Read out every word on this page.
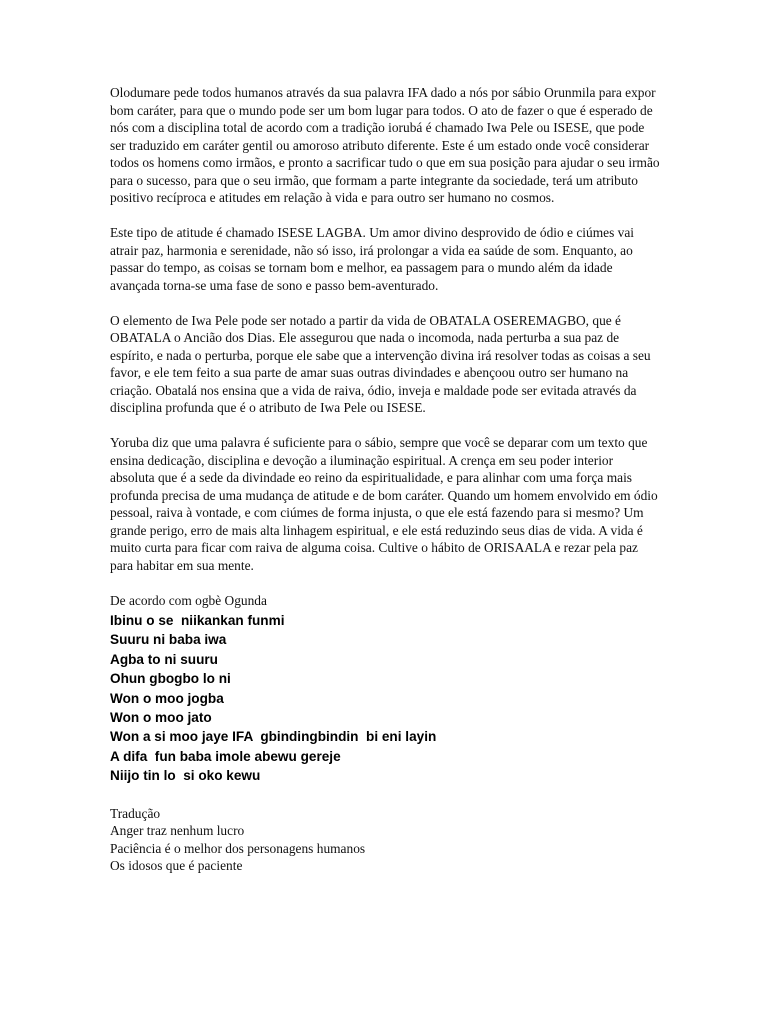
Olodumare pede todos humanos através da sua palavra IFA dado a nós por sábio Orunmila para expor bom caráter, para que o mundo pode ser um bom lugar para todos. O ato de fazer o que é esperado de nós com a disciplina total de acordo com a tradição iorubá é chamado Iwa Pele ou ISESE, que pode ser traduzido em caráter gentil ou amoroso atributo diferente. Este é um estado onde você considerar todos os homens como irmãos, e pronto a sacrificar tudo o que em sua posição para ajudar o seu irmão para o sucesso, para que o seu irmão, que formam a parte integrante da sociedade, terá um atributo positivo recíproca e atitudes em relação à vida e para outro ser humano no cosmos.

Este tipo de atitude é chamado ISESE LAGBA. Um amor divino desprovido de ódio e ciúmes vai atrair paz, harmonia e serenidade, não só isso, irá prolongar a vida ea saúde de som. Enquanto, ao passar do tempo, as coisas se tornam bom e melhor, ea passagem para o mundo além da idade avançada torna-se uma fase de sono e passo bem-aventurado.

O elemento de Iwa Pele pode ser notado a partir da vida de OBATALA OSEREMAGBO, que é OBATALA o Ancião dos Dias. Ele assegurou que nada o incomoda, nada perturba a sua paz de espírito, e nada o perturba, porque ele sabe que a intervenção divina irá resolver todas as coisas a seu favor, e ele tem feito a sua parte de amar suas outras divindades e abençoou outro ser humano na criação. Obatalá nos ensina que a vida de raiva, ódio, inveja e maldade pode ser evitada através da disciplina profunda que é o atributo de Iwa Pele ou ISESE.

Yoruba diz que uma palavra é suficiente para o sábio, sempre que você se deparar com um texto que ensina dedicação, disciplina e devoção a iluminação espiritual. A crença em seu poder interior absoluta que é a sede da divindade eo reino da espiritualidade, e para alinhar com uma força mais profunda precisa de uma mudança de atitude e de bom caráter. Quando um homem envolvido em ódio pessoal, raiva à vontade, e com ciúmes de forma injusta, o que ele está fazendo para si mesmo? Um grande perigo, erro de mais alta linhagem espiritual, e ele está reduzindo seus dias de vida. A vida é muito curta para ficar com raiva de alguma coisa. Cultive o hábito de ORISAALA e rezar pela paz para habitar em sua mente.

De acordo com ogbè Ogunda

Ibinu o se  niikankan funmi
Suuru ni baba iwa
Agba to ni suuru
Ohun gbogbo lo ni
Won o moo jogba
Won o moo jato
Won a si moo jaye IFA  gbindingbindin  bi eni layin
A difa  fun baba imole abewu gereje
Niijo tin lo  si oko kewu
Tradução
Anger traz nenhum lucro
Paciência é o melhor dos personagens humanos
Os idosos que é paciente
